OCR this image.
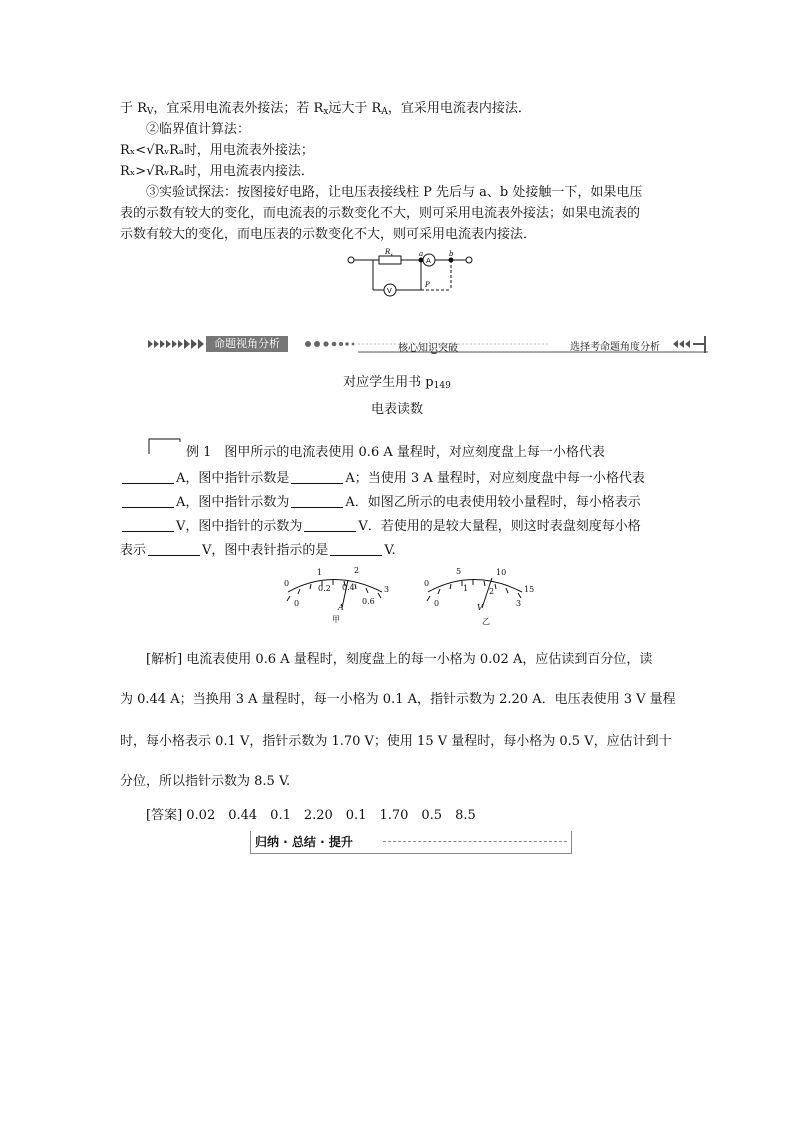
于 $R_V$，宜采用电流表外接法；若 $R_x$远大于 $R_A$，宜采用电流表内接法．
②临界值计算法：
Rₓ<√RᵥRₐ时，用电流表外接法；
Rₓ>√RᵥRₐ时，用电流表内接法．
③实验试探法：按图接好电路，让电压表接线柱 P 先后与 a、b 处接触一下，如果电压
表的示数有较大的变化，而电流表的示数变化不大，则可采用电流表外接法；如果电流表的
示数有较大的变化，而电压表的示数变化不大，则可采用电流表内接法．
$R_x$	a	b
A
V
P
命题视角分析	核心知识突破	选择考命题角度分析
对应学生用书 $p_{149}$
电表读数
例 1　图甲所示的电流表使用 0.6 A 量程时，对应刻度盘上每一小格代表
A，图中指针示数是	A；当使用 3 A 量程时，对应刻度盘中每一小格代表
A，图中指针示数为	A．如图乙所示的电表使用较小量程时，每小格表示
V，图中指针的示数为	V．若使用的是较大量程，则这时表盘刻度每小格
表示	V，图中表针指示的是	V.
0
1	2
3
0
0.2 0.4
0.6
A
甲
0
5	10
15
0
1	2
3
V
乙
[解析] 电流表使用 0.6 A 量程时，刻度盘上的每一小格为 0.02 A，应估读到百分位，读
为 0.44 A；当换用 3 A 量程时，每一小格为 0.1 A，指针示数为 2.20 A．电压表使用 3 V 量程
时，每小格表示 0.1 V，指针示数为 1.70 V；使用 15 V 量程时，每小格为 0.5 V，应估计到十
分位，所以指针示数为 8.5 V.
[答案] 0.02　0.44　0.1　2.20　0.1　1.70　0.5　8.5
归纳 · 总结 · 提升
